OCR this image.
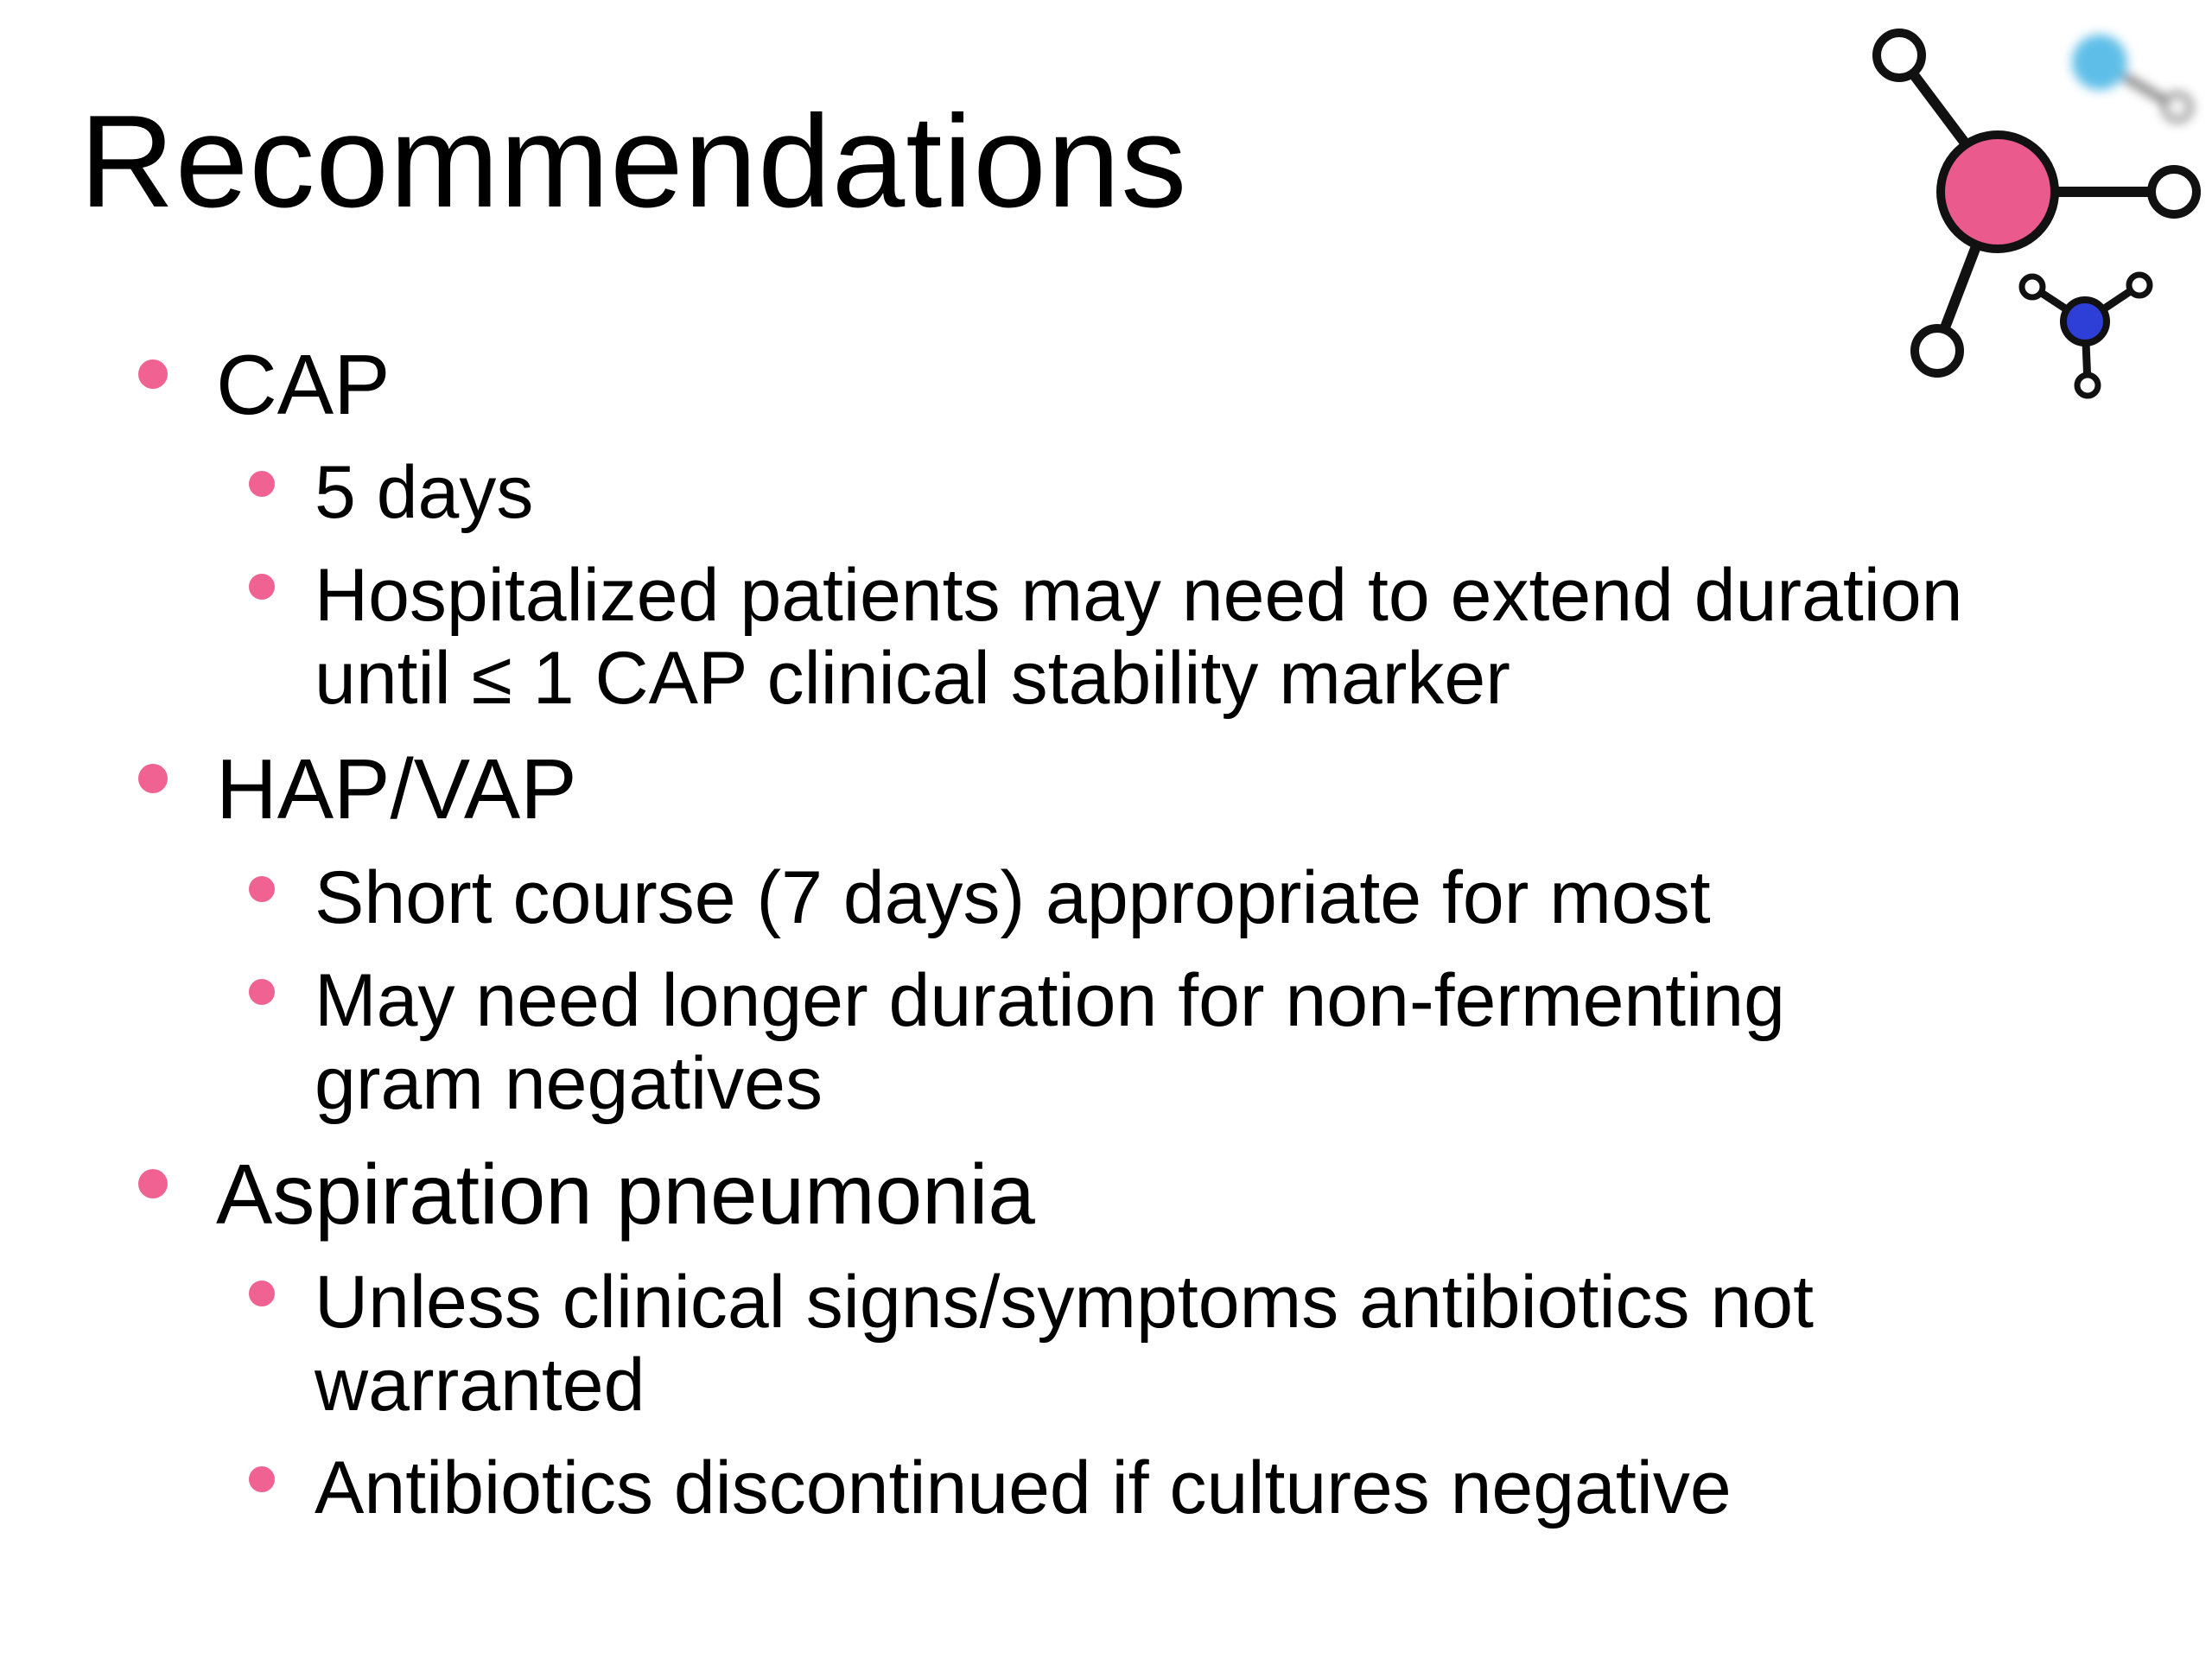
Recommendations
CAP
5 days
Hospitalized patients may need to extend duration
until ≤ 1 CAP clinical stability marker
HAP/VAP
Short course (7 days) appropriate for most
May need longer duration for non-fermenting
gram negatives
Aspiration pneumonia
Unless clinical signs/symptoms antibiotics not
warranted
Antibiotics discontinued if cultures negative
